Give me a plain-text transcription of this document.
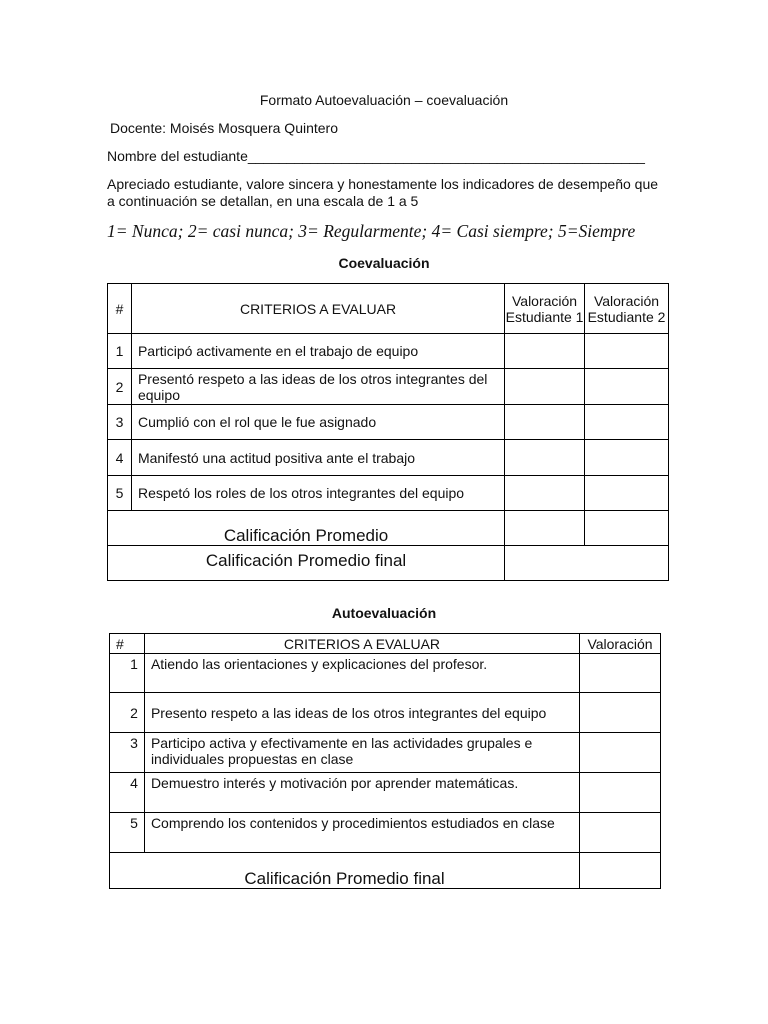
Formato Autoevaluación – coevaluación
Docente: Moisés Mosquera Quintero
Nombre del estudiante___________________________________________________
Apreciado estudiante, valore sincera y honestamente los indicadores de desempeño que
a continuación se detallan, en una escala de 1 a 5
1= Nunca; 2= casi nunca; 3= Regularmente; 4= Casi siempre; 5=Siempre
Coevaluación
#	CRITERIOS A EVALUAR	Valoración Estudiante 1	Valoración Estudiante 2
1	Participó activamente en el trabajo de equipo		
2	Presentó respeto a las ideas de los otros integrantes del equipo		
3	Cumplió con el rol que le fue asignado		
4	Manifestó una actitud positiva ante el trabajo		
5	Respetó los roles de los otros integrantes del equipo		
Calificación Promedio			
Calificación Promedio final			
Autoevaluación
#	CRITERIOS A EVALUAR	Valoración
1	Atiendo las orientaciones y explicaciones del profesor.	
2	Presento respeto a las ideas de los otros integrantes del equipo	
3	Participo activa y efectivamente en las actividades grupales e individuales propuestas en clase	
4	Demuestro interés y motivación por aprender matemáticas.	
5	Comprendo los contenidos y procedimientos estudiados en clase	
Calificación Promedio final		
